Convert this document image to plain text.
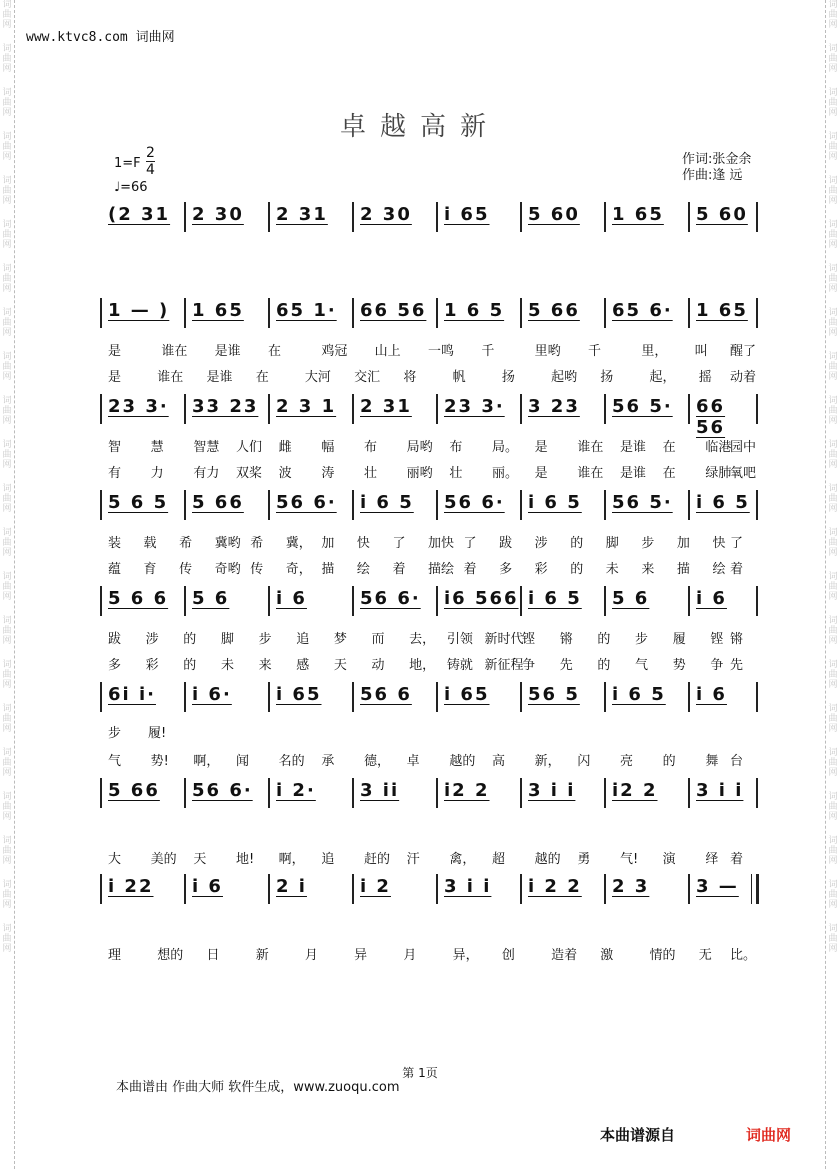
词曲网
词曲网
词曲网
词曲网
词曲网
词曲网
词曲网
词曲网
词曲网
词曲网
词曲网
词曲网
词曲网
词曲网
词曲网
词曲网
词曲网
词曲网
词曲网
词曲网
词曲网
词曲网
词曲网
词曲网
词曲网
词曲网
词曲网
词曲网
词曲网
词曲网
词曲网
词曲网
词曲网
词曲网
词曲网
词曲网
词曲网
词曲网
词曲网
词曲网
词曲网
词曲网
词曲网
词曲网
www.ktvc8.com 词曲网
卓越高新
$1=F \frac{2}{4}$
♩=66
作词:张金余
作曲:逢 远
(2 31 2 30 2 31 2 30 i 65 5 60 1 65 5 60
1 — ) 1 65 65 1· 66 56 1 6 5 5 66 65 6· 1 65
23 3· 33 23 2 3 1 2 31 23 3· 3 23 56 5· 66 56
5 6 5 5 66 56 6· i 6 5 56 6· i 6 5 56 5· i 6 5
5 6 6 5 6	i 6	56 6· i6 566 i 6 5 5 6	i 6
6i i· i 6· i 65 56 6 i 65 56 5 i 6 5 i 6
5 66 56 6· i 2· 3 ii i2 2 3 i i i2 2 3 i i
i 22 i 6	2 i	i 2	3 i i i 2 2 2 3	3 —
是	谁在 是谁 在	鸡冠 山上 一鸣 千	里哟 千	里， 叫 醒了
是	谁在 是谁 在	大河 交汇 将	帆	扬	起哟 扬	起， 摇 动着
智 慧 智慧 人们 雌 幅 布 局哟 布 局。 是 谁在 是谁 在 临港
园中
有 力 有力 双桨 波 涛 壮 丽哟 壮 丽。 是 谁在 是谁 在 绿肺
氧吧
装 载 希 冀哟 希 冀， 加 快 了 加快 了 跋 涉 的 脚 步 加 快 了
蕴 育 传 奇哟 传 奇， 描 绘 着 描绘 着 多 彩 的 未 来 描 绘 着
跋 涉 的 脚 步 追 梦 而 去， 引领 新时代
铿 锵 的 步 履 铿 锵
多 彩 的 未 来 感 天 动 地， 铸就 新征程
争 先 的 气 势 争 先
步 履!
气 势! 啊， 闻 名的 承 德， 卓 越的 高 新， 闪 亮 的 舞 台
大 美的 天 地! 啊， 追 赶的 汗 禽， 超 越的 勇 气! 演 绎 着
理	想的 日	新	月	异	月	异， 创	造着 激	情的 无 比。
第 1页
本曲谱由 作曲大师 软件生成，www.zuoqu.com
本曲谱源自	词曲网
